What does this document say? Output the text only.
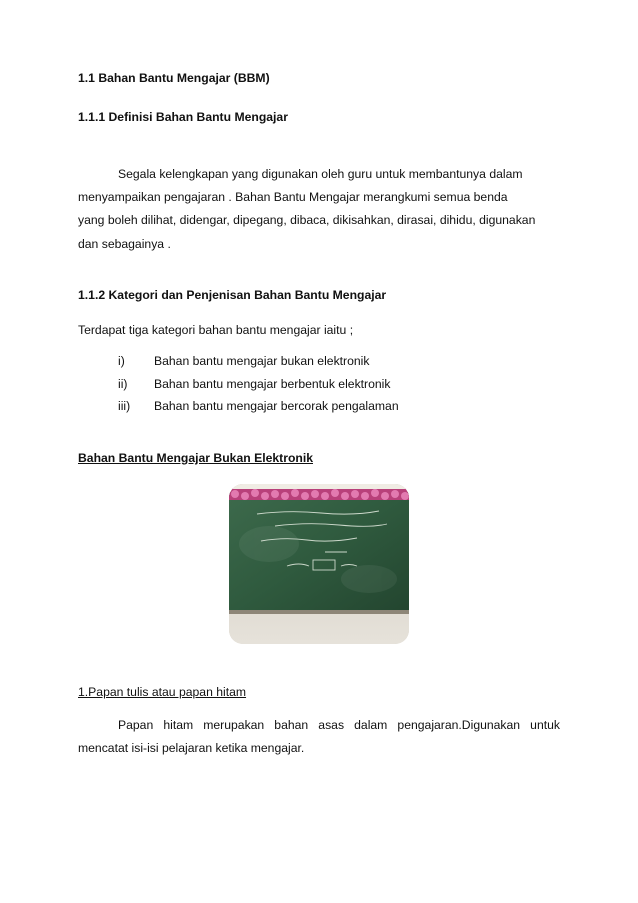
1.1 Bahan Bantu Mengajar (BBM)
1.1.1 Definisi Bahan Bantu Mengajar
Segala kelengkapan yang digunakan oleh guru untuk membantunya dalam
menyampaikan pengajaran . Bahan Bantu Mengajar merangkumi semua benda
yang boleh dilihat, didengar, dipegang, dibaca, dikisahkan, dirasai, dihidu, digunakan
dan sebagainya .
1.1.2 Kategori dan Penjenisan Bahan Bantu Mengajar
Terdapat tiga kategori bahan bantu mengajar iaitu ;
i) Bahan bantu mengajar bukan elektronik
ii) Bahan bantu mengajar berbentuk elektronik
iii) Bahan bantu mengajar bercorak pengalaman
Bahan Bantu Mengajar Bukan Elektronik
1.Papan tulis atau papan hitam
Papan hitam merupakan bahan asas dalam pengajaran.Digunakan untuk
mencatat isi-isi pelajaran ketika mengajar.
